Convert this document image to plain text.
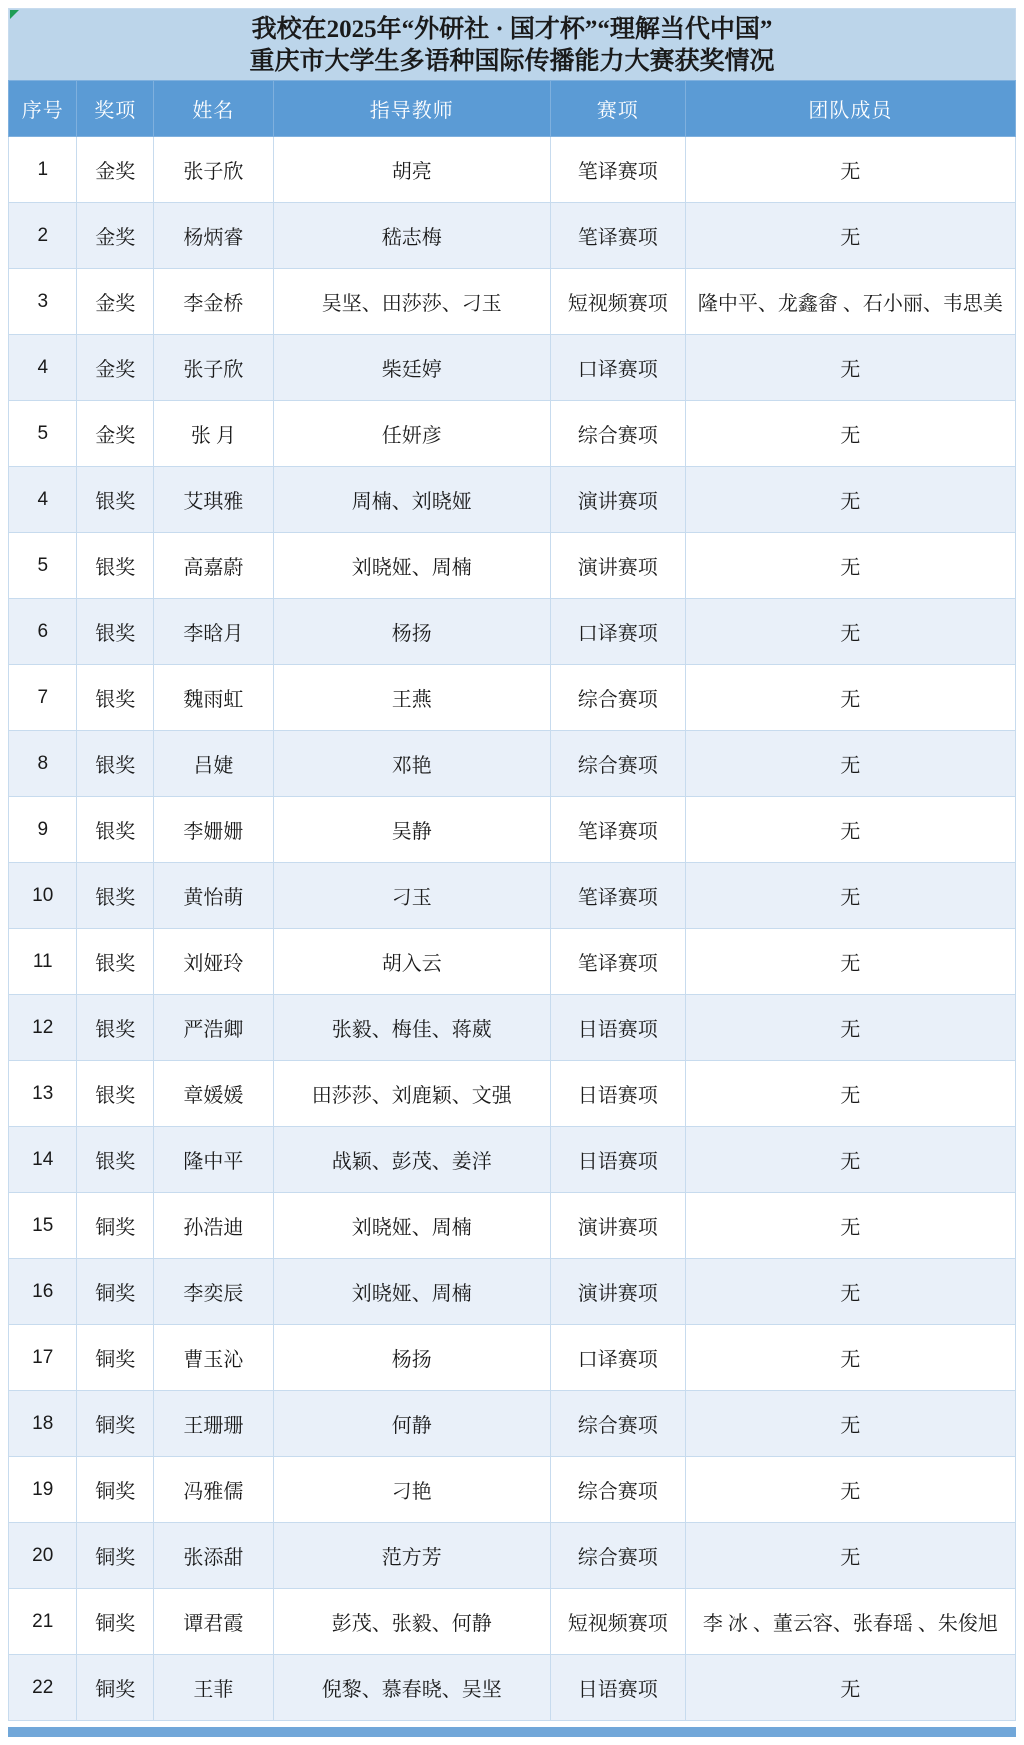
我校在2025年“外研社 · 国才杯”“理解当代中国”
重庆市大学生多语种国际传播能力大赛获奖情况
序号	奖项	姓名	指导教师	赛项	团队成员
1	金奖	张子欣	胡亮	笔译赛项	无
2	金奖	杨炳睿	嵇志梅	笔译赛项	无
3	金奖	李金桥	吴坚、田莎莎、刁玉	短视频赛项	隆中平、龙鑫畲 、石小丽、韦思美
4	金奖	张子欣	柴廷婷	口译赛项	无
5	金奖	张 月	任妍彦	综合赛项	无
4	银奖	艾琪雅	周楠、刘晓娅	演讲赛项	无
5	银奖	高嘉蔚	刘晓娅、周楠	演讲赛项	无
6	银奖	李晗月	杨扬	口译赛项	无
7	银奖	魏雨虹	王燕	综合赛项	无
8	银奖	吕婕	邓艳	综合赛项	无
9	银奖	李姗姗	吴静	笔译赛项	无
10	银奖	黄怡萌	刁玉	笔译赛项	无
11	银奖	刘娅玲	胡入云	笔译赛项	无
12	银奖	严浩卿	张毅、梅佳、蒋葳	日语赛项	无
13	银奖	章媛媛	田莎莎、刘鹿颖、文强	日语赛项	无
14	银奖	隆中平	战颖、彭茂、姜洋	日语赛项	无
15	铜奖	孙浩迪	刘晓娅、周楠	演讲赛项	无
16	铜奖	李奕辰	刘晓娅、周楠	演讲赛项	无
17	铜奖	曹玉沁	杨扬	口译赛项	无
18	铜奖	王珊珊	何静	综合赛项	无
19	铜奖	冯雅儒	刁艳	综合赛项	无
20	铜奖	张添甜	范方芳	综合赛项	无
21	铜奖	谭君霞	彭茂、张毅、何静	短视频赛项	李 冰 、董云容、张春瑶 、朱俊旭
22	铜奖	王菲	倪黎、慕春晓、吴坚	日语赛项	无
